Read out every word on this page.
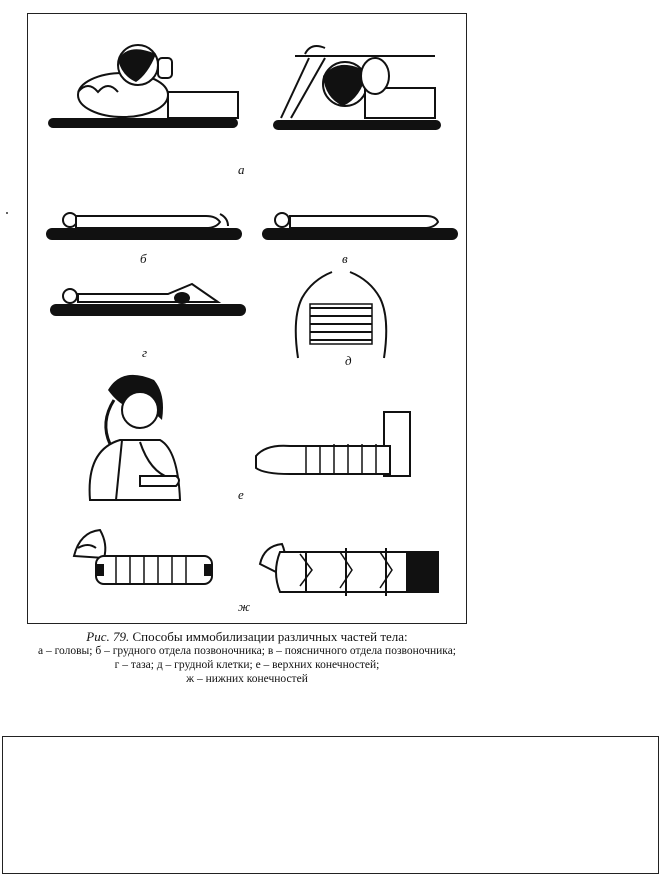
а
б	в
г
д
е
ж
Рис. 79. Способы иммобилизации различных частей тела:
а – головы; б – грудного отдела позвоночника; в – поясничного отдела позвоночника;
г – таза; д – грудной клетки; е – верхних конечностей;
ж – нижних конечностей
